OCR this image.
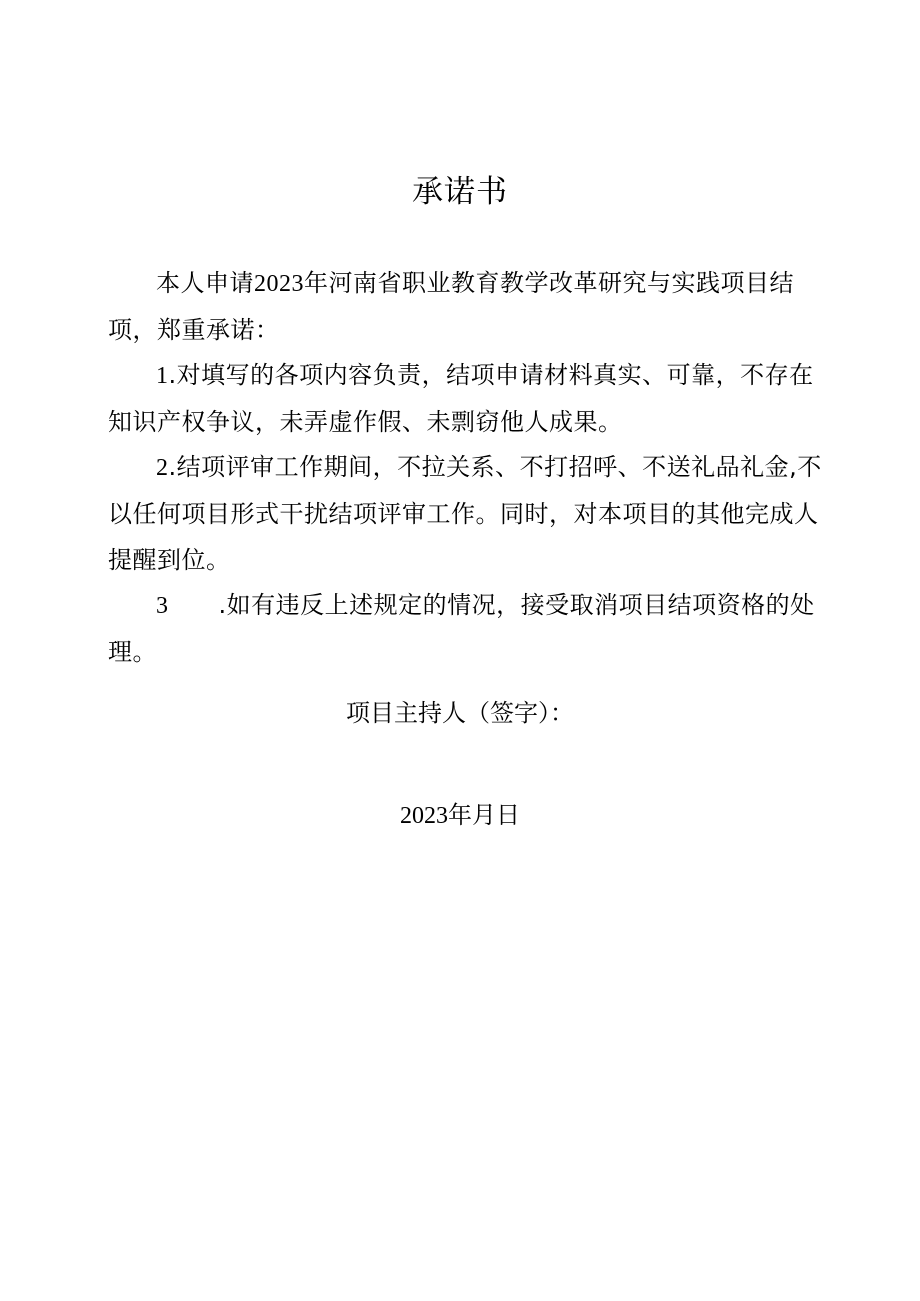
承诺书

本人申请2023年河南省职业教育教学改革研究与实践项目结项，郑重承诺：

1.对填写的各项内容负责，结项申请材料真实、可靠，不存在知识产权争议，未弄虚作假、未剽窃他人成果。

2.结项评审工作期间，不拉关系、不打招呼、不送礼品礼金,不以任何项目形式干扰结项评审工作。同时，对本项目的其他完成人提醒到位。

3 .如有违反上述规定的情况，接受取消项目结项资格的处理。

项目主持人（签字）：
2023年月日
